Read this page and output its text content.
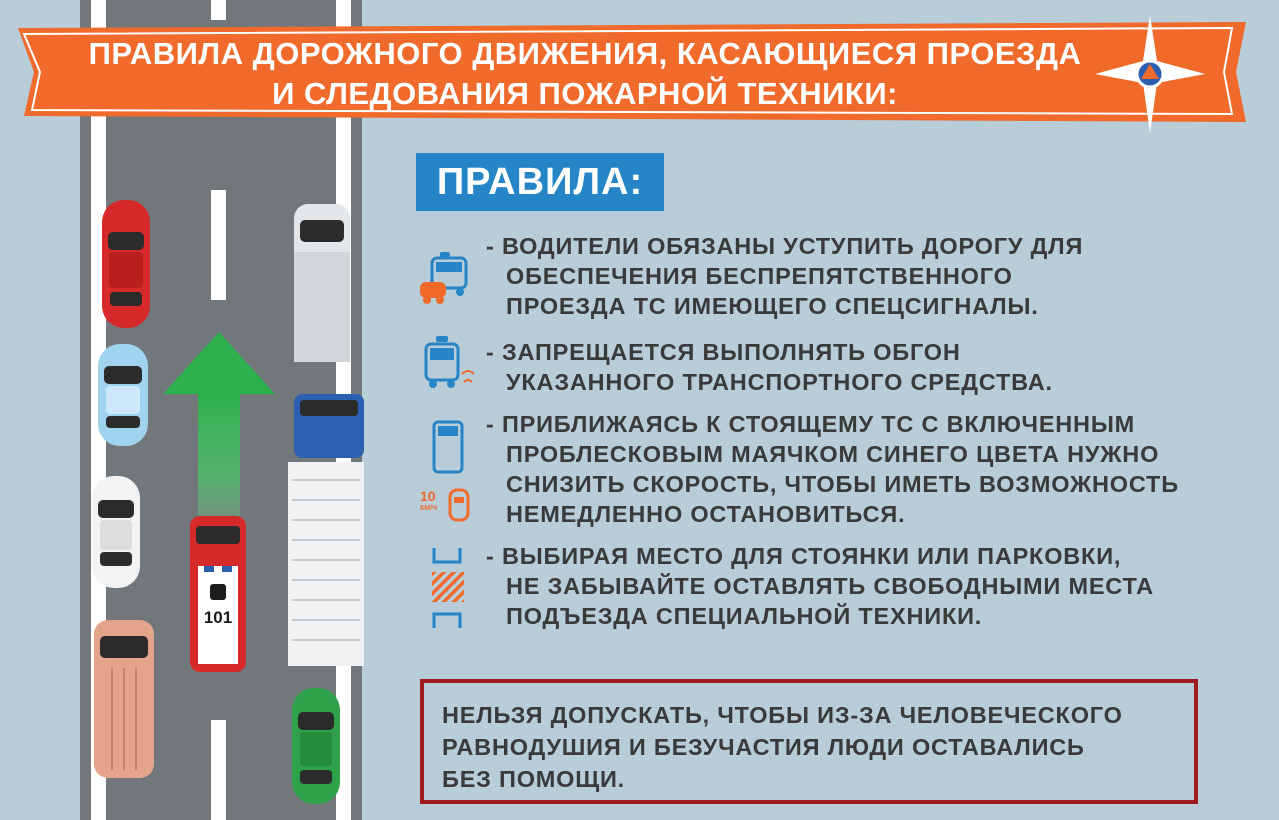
101
ПРАВИЛА ДОРОЖНОГО ДВИЖЕНИЯ, КАСАЮЩИЕСЯ ПРОЕЗДА
И СЛЕДОВАНИЯ ПОЖАРНОЙ ТЕХНИКИ:
ПРАВИЛА:
- ВОДИТЕЛИ ОБЯЗАНЫ УСТУПИТЬ ДОРОГУ ДЛЯ
ОБЕСПЕЧЕНИЯ БЕСПРЕПЯТСТВЕННОГО
ПРОЕЗДА ТС ИМЕЮЩЕГО СПЕЦСИГНАЛЫ.
- ЗАПРЕЩАЕТСЯ ВЫПОЛНЯТЬ ОБГОН
УКАЗАННОГО ТРАНСПОРТНОГО СРЕДСТВА.
10
КМ/Ч
- ПРИБЛИЖАЯСЬ К СТОЯЩЕМУ ТС С ВКЛЮЧЕННЫМ
ПРОБЛЕСКОВЫМ МАЯЧКОМ СИНЕГО ЦВЕТА НУЖНО
СНИЗИТЬ СКОРОСТЬ, ЧТОБЫ ИМЕТЬ ВОЗМОЖНОСТЬ
НЕМЕДЛЕННО ОСТАНОВИТЬСЯ.
- ВЫБИРАЯ МЕСТО ДЛЯ СТОЯНКИ ИЛИ ПАРКОВКИ,
НЕ ЗАБЫВАЙТЕ ОСТАВЛЯТЬ СВОБОДНЫМИ МЕСТА
ПОДЪЕЗДА СПЕЦИАЛЬНОЙ ТЕХНИКИ.
НЕЛЬЗЯ ДОПУСКАТЬ, ЧТОБЫ ИЗ-ЗА ЧЕЛОВЕЧЕСКОГО
РАВНОДУШИЯ И БЕЗУЧАСТИЯ ЛЮДИ ОСТАВАЛИСЬ
БЕЗ ПОМОЩИ.
